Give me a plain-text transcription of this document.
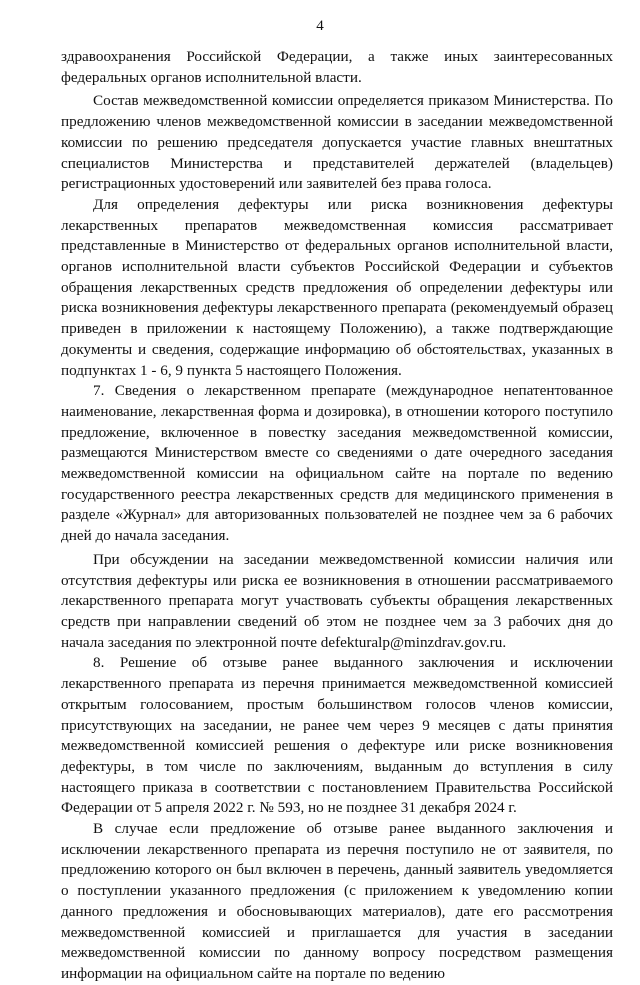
4

здравоохранения Российской Федерации, а также иных заинтересованных федеральных органов исполнительной власти.

Состав межведомственной комиссии определяется приказом Министерства. По предложению членов межведомственной комиссии в заседании межведомственной комиссии по решению председателя допускается участие главных внештатных специалистов Министерства и представителей держателей (владельцев) регистрационных удостоверений или заявителей без права голоса.

Для определения дефектуры или риска возникновения дефектуры лекарственных препаратов межведомственная комиссия рассматривает представленные в Министерство от федеральных органов исполнительной власти, органов исполнительной власти субъектов Российской Федерации и субъектов обращения лекарственных средств предложения об определении дефектуры или риска возникновения дефектуры лекарственного препарата (рекомендуемый образец приведен в приложении к настоящему Положению), а также подтверждающие документы и сведения, содержащие информацию об обстоятельствах, указанных в подпунктах 1 - 6, 9 пункта 5 настоящего Положения.

7. Сведения о лекарственном препарате (международное непатентованное наименование, лекарственная форма и дозировка), в отношении которого поступило предложение, включенное в повестку заседания межведомственной комиссии, размещаются Министерством вместе со сведениями о дате очередного заседания межведомственной комиссии на официальном сайте на портале по ведению государственного реестра лекарственных средств для медицинского применения в разделе «Журнал» для авторизованных пользователей не позднее чем за 6 рабочих дней до начала заседания.

При обсуждении на заседании межведомственной комиссии наличия или отсутствия дефектуры или риска ее возникновения в отношении рассматриваемого лекарственного препарата могут участвовать субъекты обращения лекарственных средств при направлении сведений об этом не позднее чем за 3 рабочих дня до начала заседания по электронной почте defekturalp@minzdrav.gov.ru.

8. Решение об отзыве ранее выданного заключения и исключении лекарственного препарата из перечня принимается межведомственной комиссией открытым голосованием, простым большинством голосов членов комиссии, присутствующих на заседании, не ранее чем через 9 месяцев с даты принятия межведомственной комиссией решения о дефектуре или риске возникновения дефектуры, в том числе по заключениям, выданным до вступления в силу настоящего приказа в соответствии с постановлением Правительства Российской Федерации от 5 апреля 2022 г. № 593, но не позднее 31 декабря 2024 г.

В случае если предложение об отзыве ранее выданного заключения и исключении лекарственного препарата из перечня поступило не от заявителя, по предложению которого он был включен в перечень, данный заявитель уведомляется о поступлении указанного предложения (с приложением к уведомлению копии данного предложения и обосновывающих материалов), дате его рассмотрения межведомственной комиссией и приглашается для участия в заседании межведомственной комиссии по данному вопросу посредством размещения информации на официальном сайте на портале по ведению
